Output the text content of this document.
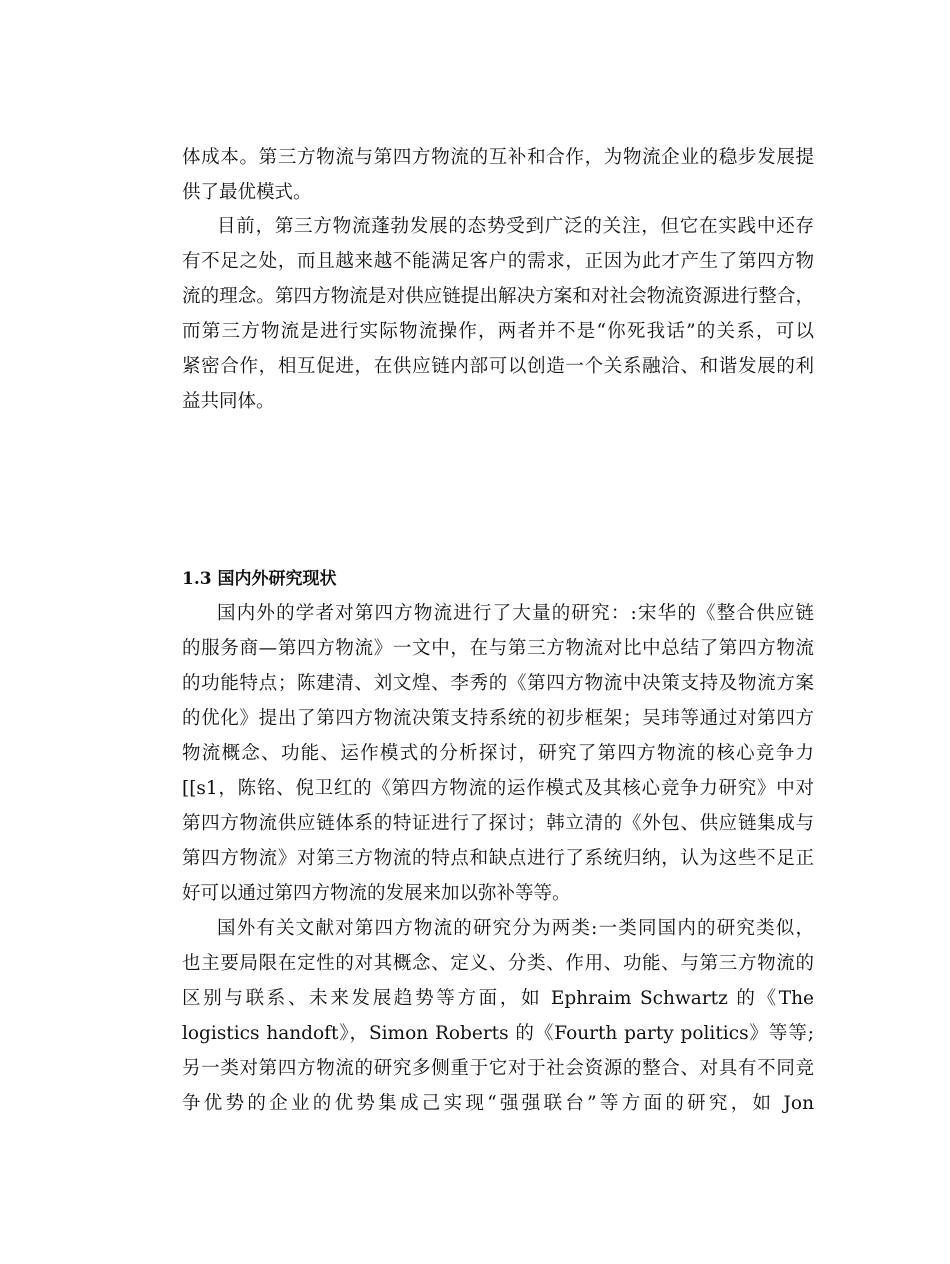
体成本。第三方物流与第四方物流的互补和合作，为物流企业的稳步发展提
供了最优模式。
目前，第三方物流蓬勃发展的态势受到广泛的关注，但它在实践中还存
有不足之处，而且越来越不能满足客户的需求，正因为此才产生了第四方物
流的理念。第四方物流是对供应链提出解决方案和对社会物流资源进行整合，
而第三方物流是进行实际物流操作，两者并不是“你死我话”的关系，可以
紧密合作，相互促进，在供应链内部可以创造一个关系融洽、和谐发展的利
益共同体。
1.3 国内外研究现状
国内外的学者对第四方物流进行了大量的研究：:宋华的《整合供应链
的服务商—第四方物流》一文中，在与第三方物流对比中总结了第四方物流
的功能特点；陈建清、刘文煌、李秀的《第四方物流中决策支持及物流方案
的优化》提出了第四方物流决策支持系统的初步框架；吴玮等通过对第四方
物流概念、功能、运作模式的分析探讨，研究了第四方物流的核心竞争力
[[s1，陈铭、倪卫红的《第四方物流的运作模式及其核心竞争力研究》中对
第四方物流供应链体系的特证进行了探讨；韩立清的《外包、供应链集成与
第四方物流》对第三方物流的特点和缺点进行了系统归纳，认为这些不足正
好可以通过第四方物流的发展来加以弥补等等。
国外有关文献对第四方物流的研究分为两类:一类同国内的研究类似，
也主要局限在定性的对其概念、定义、分类、作用、功能、与第三方物流的
区别与联系、未来发展趋势等方面，如 Ephraim Schwartz 的《The
logistics handoft》，Simon Roberts 的《Fourth party politics》等等;
另一类对第四方物流的研究多侧重于它对于社会资源的整合、对具有不同竞
争优势的企业的优势集成己实现“强强联台”等方面的研究，如 Jon
